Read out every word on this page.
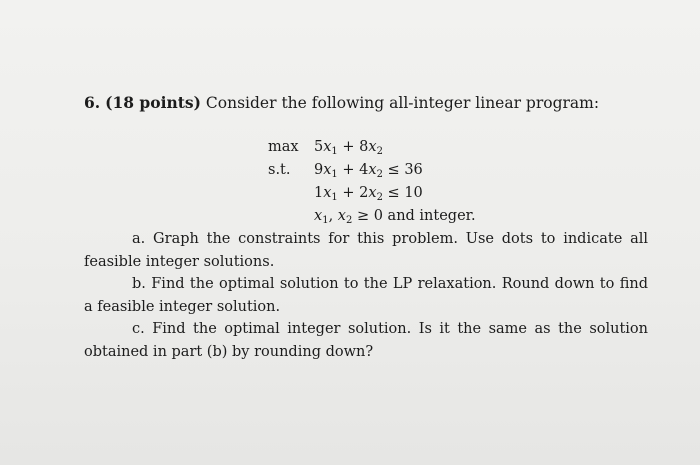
6. (18 points) Consider the following all-integer linear program:
$\max 5x_1 + 8x_2$
s.t. $9x_1 + 4x_2 \le 36$
$1x_1 + 2x_2 \le 10$
$x_1$, $x_2 \ge 0$ and integer.

a. Graph the constraints for this problem. Use dots to indicate all feasible integer solutions.

b. Find the optimal solution to the LP relaxation. Round down to find a feasible integer solution.

c. Find the optimal integer solution. Is it the same as the solution obtained in part (b) by rounding down?
